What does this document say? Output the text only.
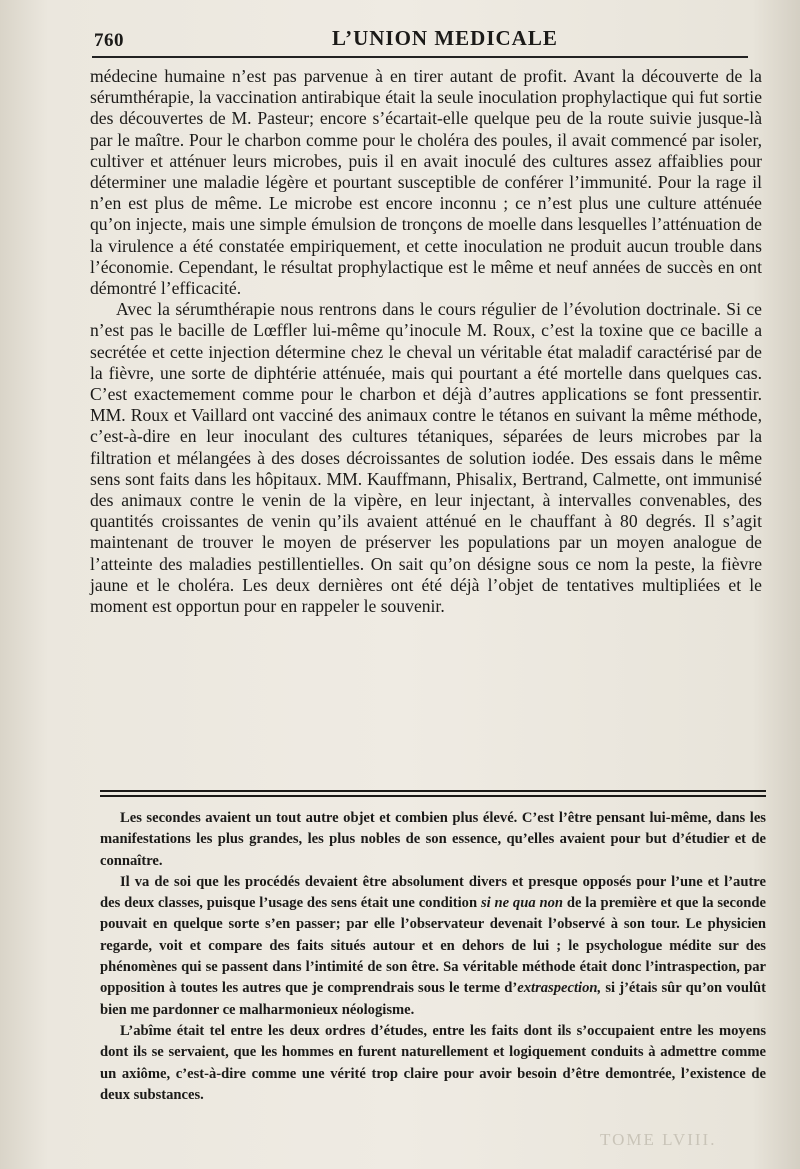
760	L’UNION MEDICALE

médecine humaine n’est pas parvenue à en tirer autant de profit. Avant la découverte de la sérumthérapie, la vaccination antirabique était la seule inoculation prophylactique qui fut sortie des découvertes de M. Pasteur; encore s’écartait-elle quelque peu de la route suivie jusque-là par le maître. Pour le charbon comme pour le choléra des poules, il avait commencé par isoler, cultiver et atténuer leurs microbes, puis il en avait inoculé des cultures assez affaiblies pour déterminer une maladie légère et pourtant susceptible de conférer l’immunité. Pour la rage il n’en est plus de même. Le microbe est encore inconnu ; ce n’est plus une culture atténuée qu’on injecte, mais une simple émulsion de tronçons de moelle dans lesquelles l’atténuation de la virulence a été constatée empiriquement, et cette inoculation ne produit aucun trouble dans l’économie. Cependant, le résultat prophylactique est le même et neuf années de succès en ont démontré l’efficacité.

Avec la sérumthérapie nous rentrons dans le cours régulier de l’évolution doctrinale. Si ce n’est pas le bacille de Lœffler lui-même qu’inocule M. Roux, c’est la toxine que ce bacille a secrétée et cette injection détermine chez le cheval un véritable état maladif caractérisé par de la fièvre, une sorte de diphtérie atténuée, mais qui pourtant a été mortelle dans quelques cas. C’est exactemement comme pour le charbon et déjà d’autres applications se font pressentir. MM. Roux et Vaillard ont vacciné des animaux contre le tétanos en suivant la même méthode, c’est-à-dire en leur inoculant des cultures tétaniques, séparées de leurs microbes par la filtration et mélangées à des doses décroissantes de solution iodée. Des essais dans le même sens sont faits dans les hôpitaux. MM. Kauffmann, Phisalix, Bertrand, Calmette, ont immunisé des animaux contre le venin de la vipère, en leur injectant, à intervalles convenables, des quantités croissantes de venin qu’ils avaient atténué en le chauffant à 80 degrés. Il s’agit maintenant de trouver le moyen de préserver les populations par un moyen analogue de l’atteinte des maladies pestillentielles. On sait qu’on désigne sous ce nom la peste, la fièvre jaune et le choléra. Les deux dernières ont été déjà l’objet de tentatives multipliées et le moment est opportun pour en rappeler le souvenir.

Les secondes avaient un tout autre objet et combien plus élevé. C’est l’être pensant lui-même, dans les manifestations les plus grandes, les plus nobles de son essence, qu’elles avaient pour but d’étudier et de connaître.

Il va de soi que les procédés devaient être absolument divers et presque opposés pour l’une et l’autre des deux classes, puisque l’usage des sens était une condition si ne qua non de la première et que la seconde pouvait en quelque sorte s’en passer; par elle l’observateur devenait l’observé à son tour. Le physicien regarde, voit et compare des faits situés autour et en dehors de lui ; le psychologue médite sur des phénomènes qui se passent dans l’intimité de son être. Sa véritable méthode était donc l’intraspection, par opposition à toutes les autres que je comprendrais sous le terme d’extraspection, si j’étais sûr qu’on voulût bien me pardonner ce malharmonieux néologisme.

L’abîme était tel entre les deux ordres d’études, entre les faits dont ils s’occupaient entre les moyens dont ils se servaient, que les hommes en furent naturellement et logiquement conduits à admettre comme un axiôme, c’est-à-dire comme une vérité trop claire pour avoir besoin d’être demontrée, l’existence de deux substances.

TOME LVIII.
